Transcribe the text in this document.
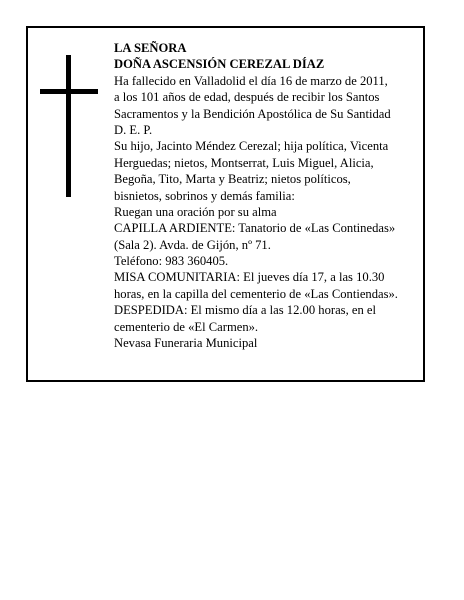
LA SEÑORA
DOÑA ASCENSIÓN CEREZAL DÍAZ
Ha fallecido en Valladolid el día 16 de marzo de 2011,
a los 101 años de edad, después de recibir los Santos
Sacramentos y la Bendición Apostólica de Su Santidad
D. E. P.
Su hijo, Jacinto Méndez Cerezal; hija política, Vicenta
Herguedas; nietos, Montserrat, Luis Miguel, Alicia,
Begoña, Tito, Marta y Beatriz; nietos políticos,
bisnietos, sobrinos y demás familia:
Ruegan una oración por su alma
CAPILLA ARDIENTE: Tanatorio de «Las Continedas»
(Sala 2). Avda. de Gijón, nº 71.
Teléfono: 983 360405.
MISA COMUNITARIA: El jueves día 17, a las 10.30
horas, en la capilla del cementerio de «Las Contiendas».
DESPEDIDA: El mismo día a las 12.00 horas, en el
cementerio de «El Carmen».
Nevasa Funeraria Municipal
